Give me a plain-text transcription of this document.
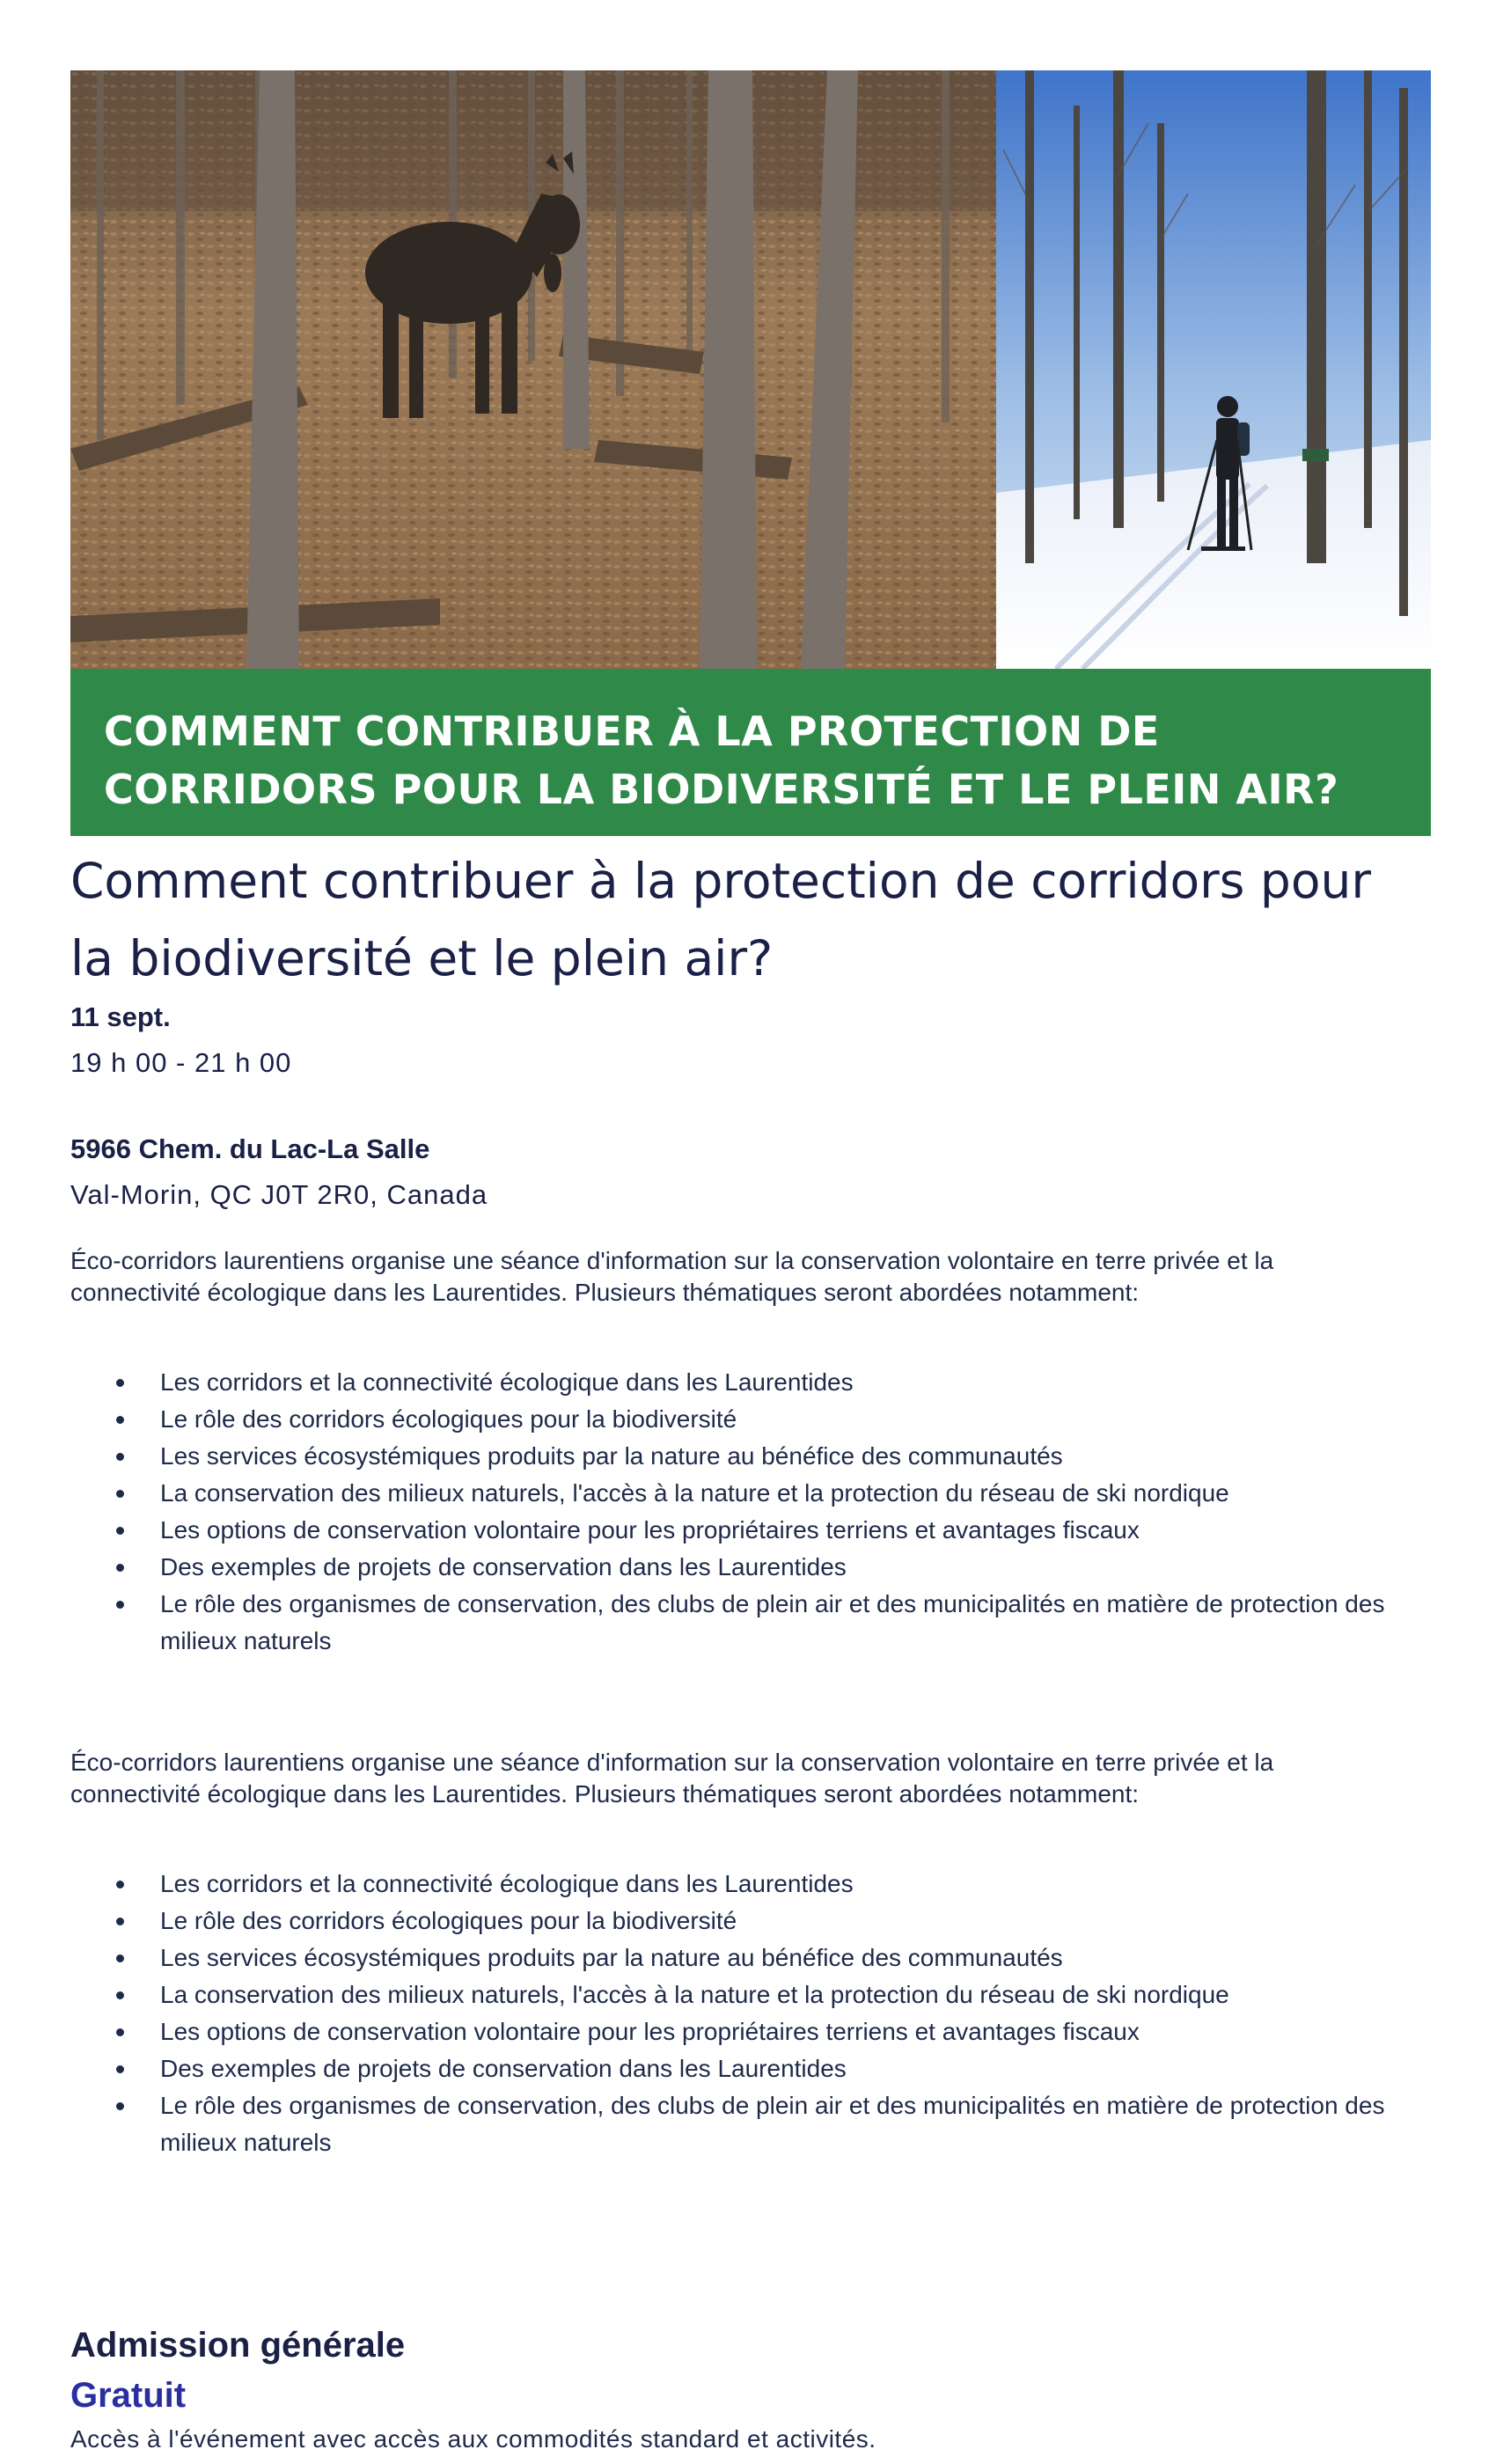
COMMENT CONTRIBUER À LA PROTECTION DE
CORRIDORS POUR LA BIODIVERSITÉ ET LE PLEIN AIR?
Comment contribuer à la protection de corridors pour la biodiversité et le plein air?
11 sept.
19 h 00 - 21 h 00
5966 Chem. du Lac-La Salle
Val-Morin, QC J0T 2R0, Canada

Éco-corridors laurentiens organise une séance d'information sur la conservation volontaire en terre privée et la connectivité écologique dans les Laurentides. Plusieurs thématiques seront abordées notamment:

Les corridors et la connectivité écologique dans les Laurentides
Le rôle des corridors écologiques pour la biodiversité
Les services écosystémiques produits par la nature au bénéfice des communautés
La conservation des milieux naturels, l'accès à la nature et la protection du réseau de ski nordique
Les options de conservation volontaire pour les propriétaires terriens et avantages fiscaux
Des exemples de projets de conservation dans les Laurentides
Le rôle des organismes de conservation, des clubs de plein air et des municipalités en matière de protection des milieux naturels

Éco-corridors laurentiens organise une séance d'information sur la conservation volontaire en terre privée et la connectivité écologique dans les Laurentides. Plusieurs thématiques seront abordées notamment:

Les corridors et la connectivité écologique dans les Laurentides
Le rôle des corridors écologiques pour la biodiversité
Les services écosystémiques produits par la nature au bénéfice des communautés
La conservation des milieux naturels, l'accès à la nature et la protection du réseau de ski nordique
Les options de conservation volontaire pour les propriétaires terriens et avantages fiscaux
Des exemples de projets de conservation dans les Laurentides
Le rôle des organismes de conservation, des clubs de plein air et des municipalités en matière de protection des milieux naturels
Admission générale
Gratuit
Accès à l'événement avec accès aux commodités standard et activités.
